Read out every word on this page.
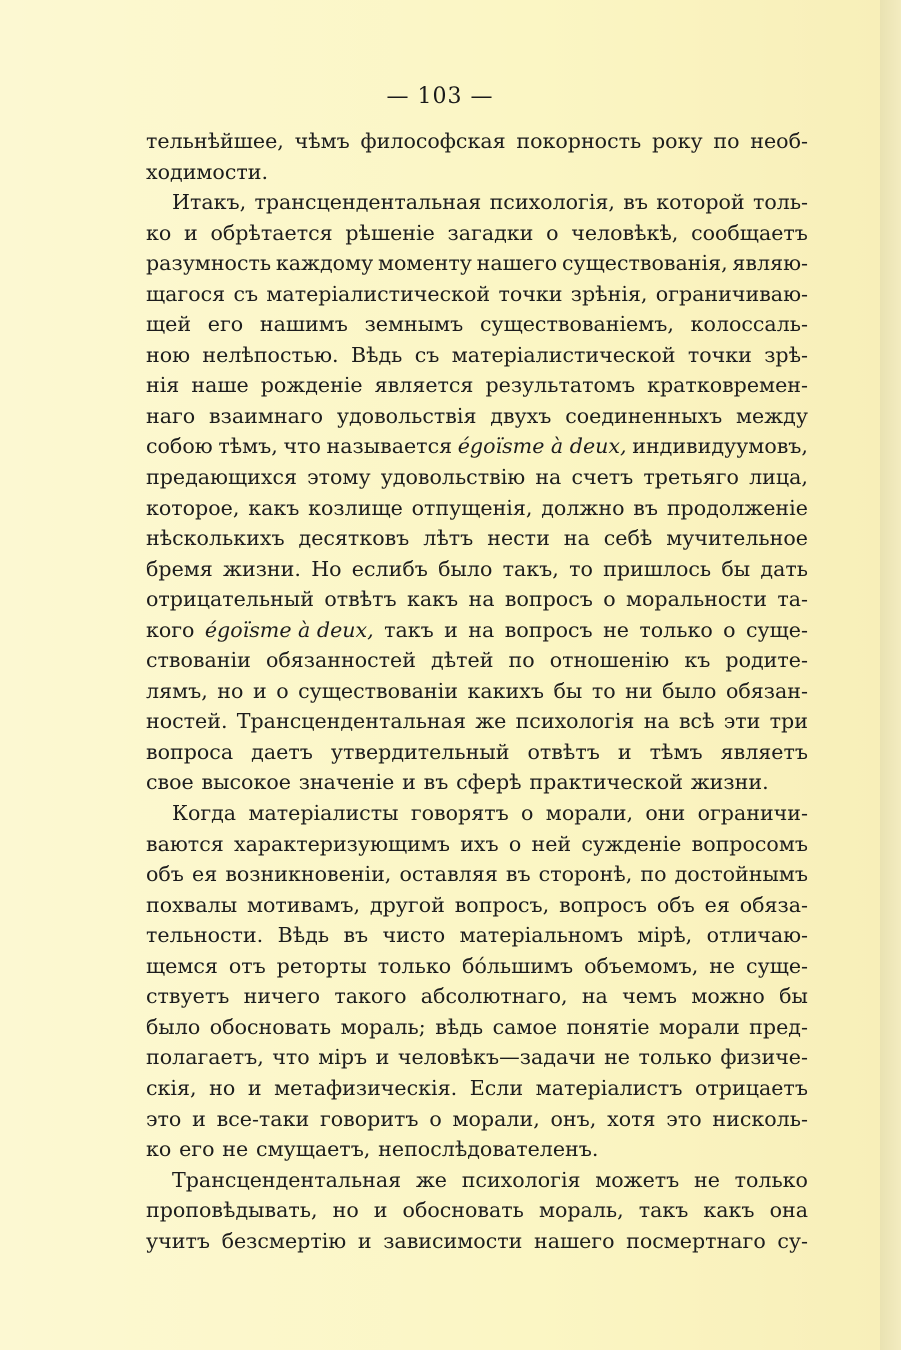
— 103 —
тельнѣйшее, чѣмъ философская покорность року по необ-
ходимости.
Итакъ, трансцендентальная психологія, въ которой толь-
ко и обрѣтается рѣшеніе загадки о человѣкѣ, сообщаетъ
разумность каждому моменту нашего существованія, являю-
щагося съ матеріалистической точки зрѣнія, ограничиваю-
щей его нашимъ земнымъ существованіемъ, колоссаль-
ною нелѣпостью. Вѣдь съ матеріалистической точки зрѣ-
нія наше рожденіе является результатомъ кратковремен-
наго взаимнаго удовольствія двухъ соединенныхъ между
собою тѣмъ, что называется égoïsme à deux, индивидуумовъ,
предающихся этому удовольствію на счетъ третьяго лица,
которое, какъ козлище отпущенія, должно въ продолженіе
нѣсколькихъ десятковъ лѣтъ нести на себѣ мучительное
бремя жизни. Но еслибъ было такъ, то пришлось бы дать
отрицательный отвѣтъ какъ на вопросъ о моральности та-
кого égoïsme à deux, такъ и на вопросъ не только о суще-
ствованіи обязанностей дѣтей по отношенію къ родите-
лямъ, но и о существованіи какихъ бы то ни было обязан-
ностей. Трансцендентальная же психологія на всѣ эти три
вопроса даетъ утвердительный отвѣтъ и тѣмъ являетъ
свое высокое значеніе и въ сферѣ практической жизни.
Когда матеріалисты говорятъ о морали, они ограничи-
ваются характеризующимъ ихъ о ней сужденіе вопросомъ
объ ея возникновеніи, оставляя въ сторонѣ, по достойнымъ
похвалы мотивамъ, другой вопросъ, вопросъ объ ея обяза-
тельности. Вѣдь въ чисто матеріальномъ мірѣ, отличаю-
щемся отъ реторты только бо́льшимъ объемомъ, не суще-
ствуетъ ничего такого абсолютнаго, на чемъ можно бы
было обосновать мораль; вѣдь самое понятіе морали пред-
полагаетъ, что міръ и человѣкъ—задачи не только физиче-
скія, но и метафизическія. Если матеріалистъ отрицаетъ
это и все-таки говоритъ о морали, онъ, хотя это нисколь-
ко его не смущаетъ, непослѣдователенъ.
Трансцендентальная же психологія можетъ не только
проповѣдывать, но и обосновать мораль, такъ какъ она
учитъ безсмертію и зависимости нашего посмертнаго су-
